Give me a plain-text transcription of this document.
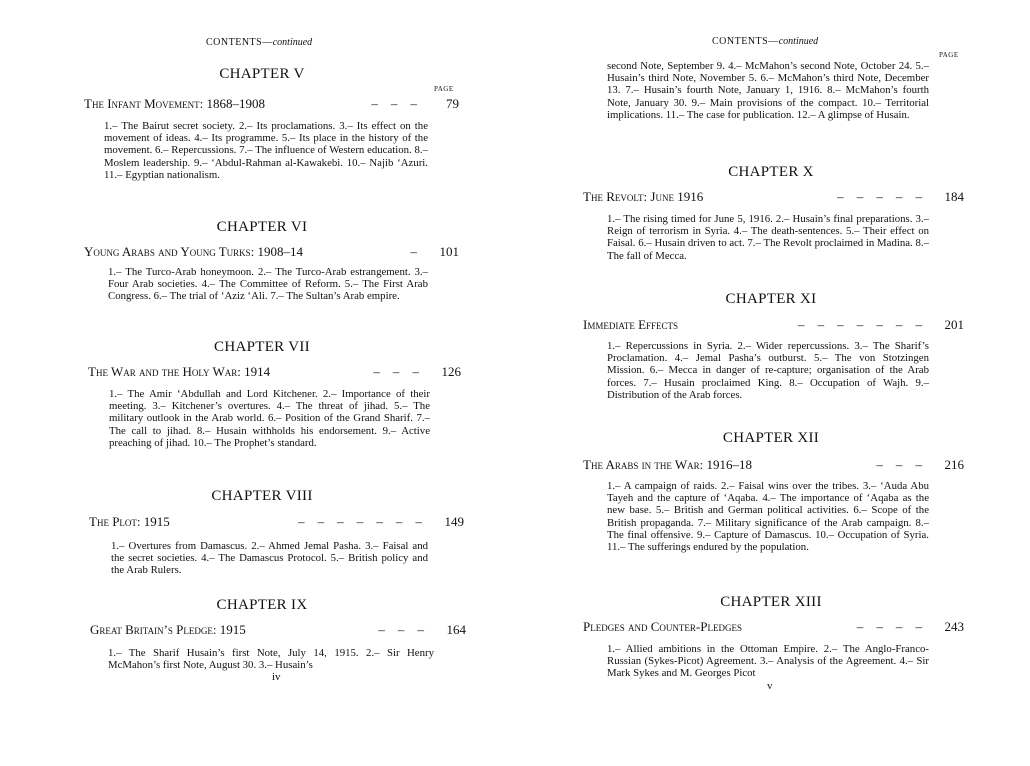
CONTENTS—continued
PAGE
CHAPTER V
The Infant Movement: 1868–1908	– – –	79
1.– The Bairut secret society. 2.– Its proclamations. 3.– Its effect on the movement of ideas. 4.– Its programme. 5.– Its place in the history of the movement. 6.– Repercussions. 7.– The influence of Western education. 8.– Moslem leadership. 9.– ‘Abdul-Rahman al-Kawakebi. 10.– Najib ‘Azuri. 11.– Egyptian nationalism.
CHAPTER VI
Young Arabs and Young Turks: 1908–14	–	101
1.– The Turco-Arab honeymoon. 2.– The Turco-Arab estrangement. 3.– Four Arab societies. 4.– The Committee of Reform. 5.– The First Arab Congress. 6.– The trial of ‘Aziz ‘Ali. 7.– The Sultan’s Arab empire.
CHAPTER VII
The War and the Holy War: 1914	– – –	126
1.– The Amir ‘Abdullah and Lord Kitchener. 2.– Importance of their meeting. 3.– Kitchener’s overtures. 4.– The threat of jihad. 5.– The military outlook in the Arab world. 6.– Position of the Grand Sharif. 7.– The call to jihad. 8.– Husain withholds his endorsement. 9.– Active preaching of jihad. 10.– The Prophet’s standard.
CHAPTER VIII
The Plot: 1915	– – – – – – –	149
1.– Overtures from Damascus. 2.– Ahmed Jemal Pasha. 3.– Faisal and the secret societies. 4.– The Damascus Protocol. 5.– British policy and the Arab Rulers.
CHAPTER IX
Great Britain’s Pledge: 1915	– – –	164
1.– The Sharif Husain’s first Note, July 14, 1915. 2.– Sir Henry McMahon’s first Note, August 30. 3.– Husain’s
iv
CONTENTS—continued
PAGE
second Note, September 9. 4.– McMahon’s second Note, October 24. 5.– Husain’s third Note, November 5. 6.– McMahon’s third Note, December 13. 7.– Husain’s fourth Note, January 1, 1916. 8.– McMahon’s fourth Note, January 30. 9.– Main provisions of the compact. 10.– Territorial implications. 11.– The case for publication. 12.– A glimpse of Husain.
CHAPTER X
The Revolt: June 1916	– – – – –	184
1.– The rising timed for June 5, 1916. 2.– Husain’s final preparations. 3.– Reign of terrorism in Syria. 4.– The death-sentences. 5.– Their effect on Faisal. 6.– Husain driven to act. 7.– The Revolt proclaimed in Madina. 8.– The fall of Mecca.
CHAPTER XI
Immediate Effects	– – – – – – –	201
1.– Repercussions in Syria. 2.– Wider repercussions. 3.– The Sharif’s Proclamation. 4.– Jemal Pasha’s outburst. 5.– The von Stotzingen Mission. 6.– Mecca in danger of re-capture; organisation of the Arab forces. 7.– Husain proclaimed King. 8.– Occupation of Wajh. 9.– Distribution of the Arab forces.
CHAPTER XII
The Arabs in the War: 1916–18	– – –	216
1.– A campaign of raids. 2.– Faisal wins over the tribes. 3.– ‘Auda Abu Tayeh and the capture of ‘Aqaba. 4.– The importance of ‘Aqaba as the new base. 5.– British and German political activities. 6.– Scope of the British propaganda. 7.– Military significance of the Arab campaign. 8.– The final offensive. 9.– Capture of Damascus. 10.– Occupation of Syria. 11.– The sufferings endured by the population.
CHAPTER XIII
Pledges and Counter-Pledges	– – – –	243
1.– Allied ambitions in the Ottoman Empire. 2.– The Anglo-Franco-Russian (Sykes-Picot) Agreement. 3.– Analysis of the Agreement. 4.– Sir Mark Sykes and M. Georges Picot
v
